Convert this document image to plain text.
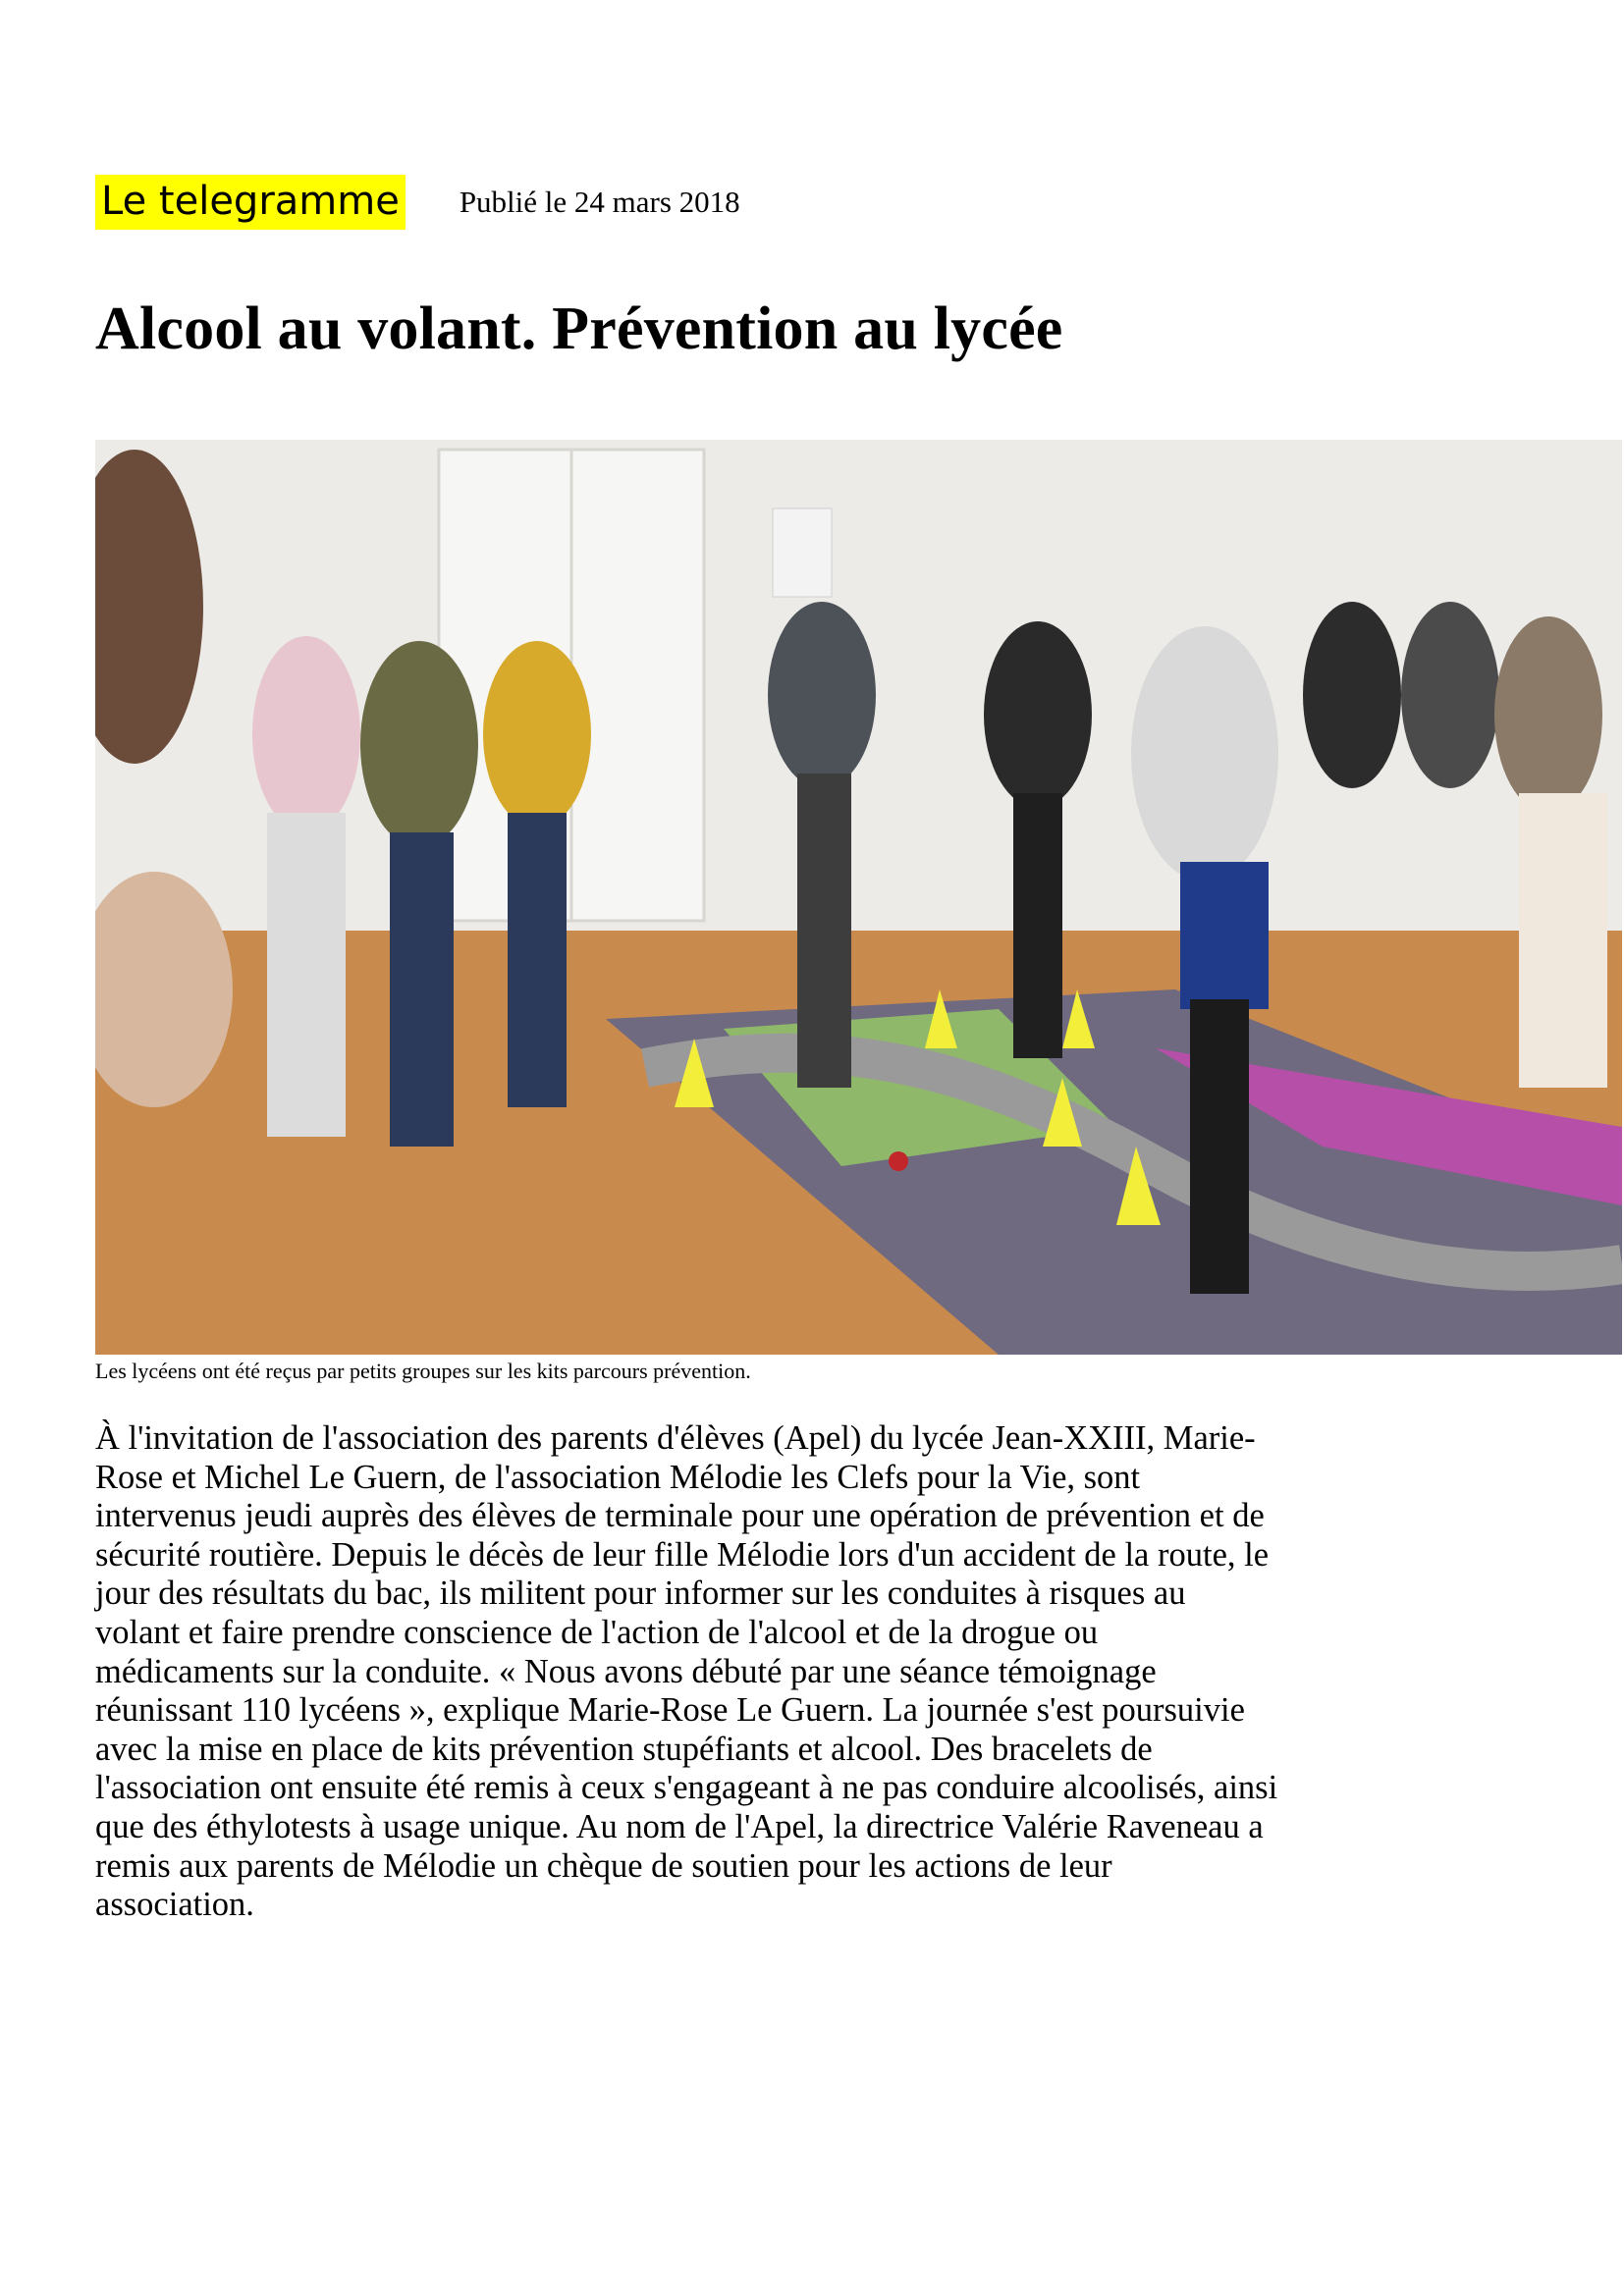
Le telegramme Publié le 24 mars 2018
Alcool au volant. Prévention au lycée
Les lycéens ont été reçus par petits groupes sur les kits parcours prévention.
À l'invitation de l'association des parents d'élèves (Apel) du lycée Jean-XXIII, Marie-
Rose et Michel Le Guern, de l'association Mélodie les Clefs pour la Vie, sont
intervenus jeudi auprès des élèves de terminale pour une opération de prévention et de
sécurité routière. Depuis le décès de leur fille Mélodie lors d'un accident de la route, le
jour des résultats du bac, ils militent pour informer sur les conduites à risques au
volant et faire prendre conscience de l'action de l'alcool et de la drogue ou
médicaments sur la conduite. « Nous avons débuté par une séance témoignage
réunissant 110 lycéens », explique Marie-Rose Le Guern. La journée s'est poursuivie
avec la mise en place de kits prévention stupéfiants et alcool. Des bracelets de
l'association ont ensuite été remis à ceux s'engageant à ne pas conduire alcoolisés, ainsi
que des éthylotests à usage unique. Au nom de l'Apel, la directrice Valérie Raveneau a
remis aux parents de Mélodie un chèque de soutien pour les actions de leur
association.
